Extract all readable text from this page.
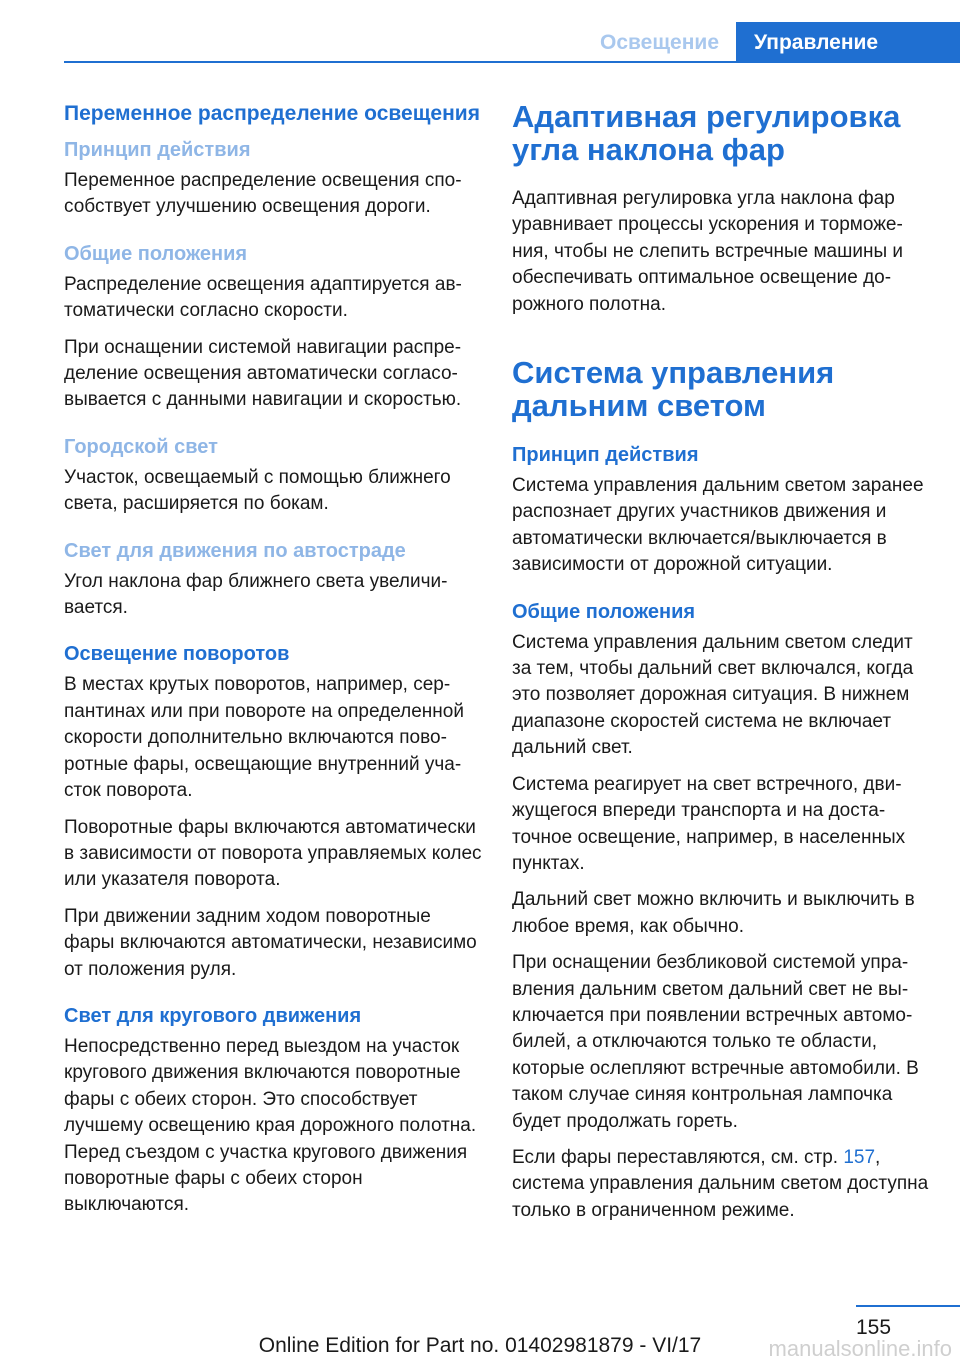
Освещение	Управление
Переменное распределение освещения
Принцип действия

Переменное распределение освещения способствует улучшению освещения дороги.

Общие положения

Распределение освещения адаптируется автоматически согласно скорости.

При оснащении системой навигации распределение освещения автоматически согласовывается с данными навигации и скоростью.

Городской свет

Участок, освещаемый с помощью ближнего света, расширяется по бокам.

Свет для движения по автостраде

Угол наклона фар ближнего света увеличивается.

Освещение поворотов

В местах крутых поворотов, например, серпантинах или при повороте на определенной скорости дополнительно включаются поворотные фары, освещающие внутренний участок поворота.

Поворотные фары включаются автоматически в зависимости от поворота управляемых колес или указателя поворота.

При движении задним ходом поворотные фары включаются автоматически, независимо от положения руля.

Свет для кругового движения

Непосредственно перед выездом на участок кругового движения включаются поворотные фары с обеих сторон. Это способствует лучшему освещению края дорожного полотна. Перед съездом с участка кругового движения поворотные фары с обеих сторон выключаются.

Адаптивная регулировка угла наклона фар

Адаптивная регулировка угла наклона фар уравнивает процессы ускорения и торможения, чтобы не слепить встречные машины и обеспечивать оптимальное освещение дорожного полотна.

Система управления дальним светом
Принцип действия

Система управления дальним светом заранее распознает других участников движения и автоматически включается/выключается в зависимости от дорожной ситуации.

Общие положения

Система управления дальним светом следит за тем, чтобы дальний свет включался, когда это позволяет дорожная ситуация. В нижнем диапазоне скоростей система не включает дальний свет.

Система реагирует на свет встречного, движущегося впереди транспорта и на достаточное освещение, например, в населенных пунктах.

Дальний свет можно включить и выключить в любое время, как обычно.

При оснащении безбликовой системой управления дальним светом дальний свет не выключается при появлении встречных автомобилей, а отключаются только те области, которые ослепляют встречные автомобили. В таком случае синяя контрольная лампочка будет продолжать гореть.

Если фары переставляются, см. стр. 157, система управления дальним светом доступна только в ограниченном режиме.

155
Online Edition for Part no. 01402981879 - VI/17	manualsonline.info
